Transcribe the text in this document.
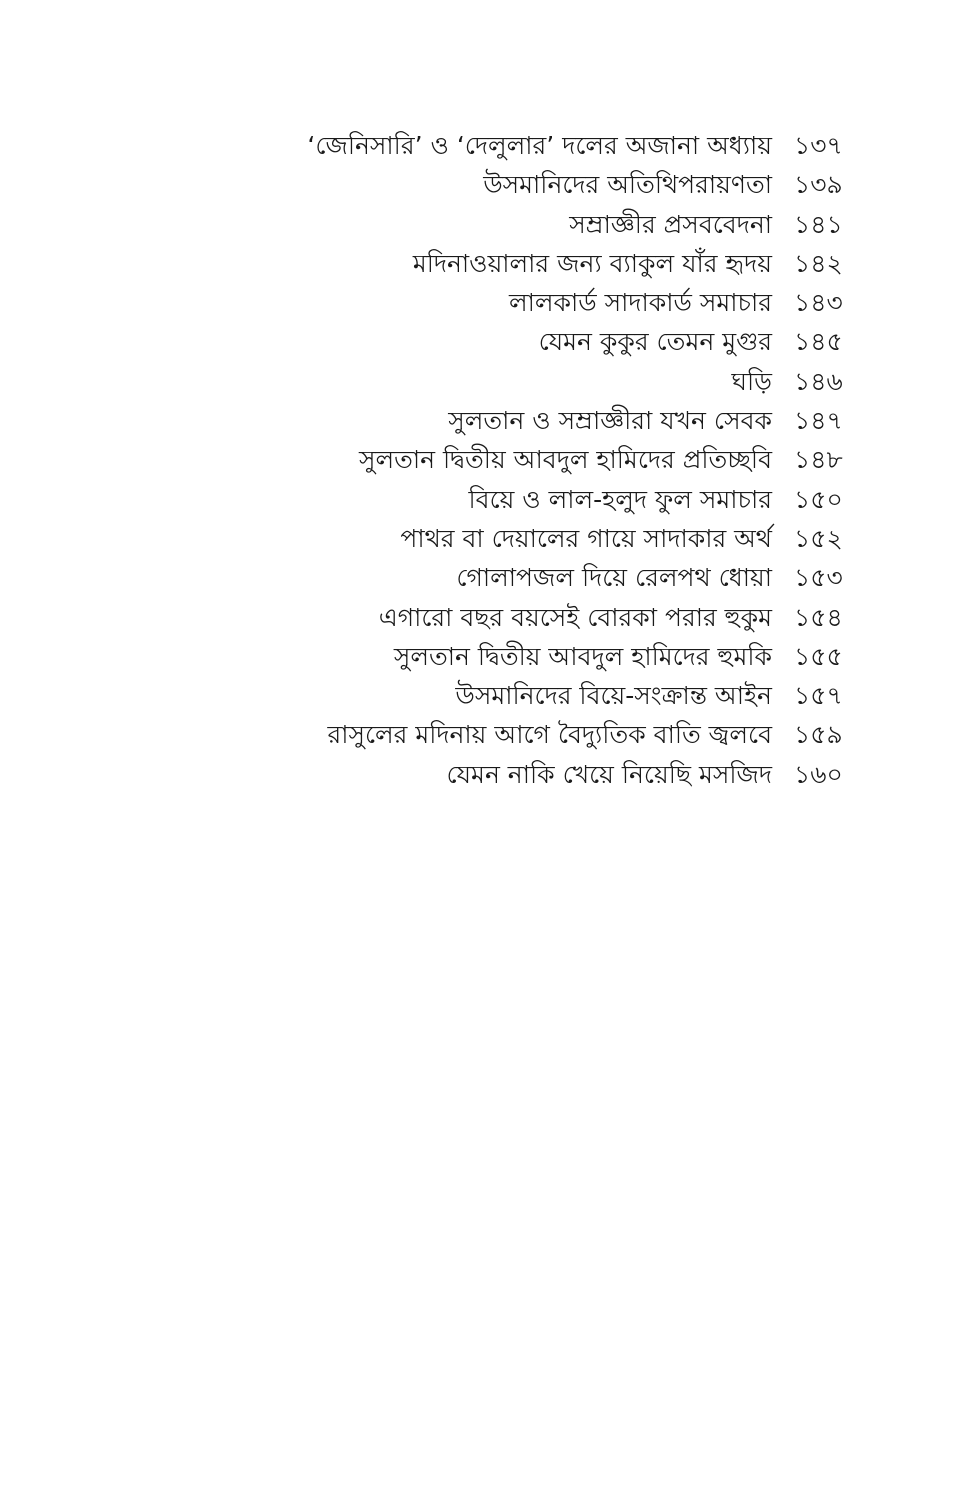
‘জেনিসারি’ ও ‘দেলুলার’ দলের অজানা অধ্যায় ১৩৭
উসমানিদের অতিথিপরায়ণতা ১৩৯
সম্রাজ্ঞীর প্রসববেদনা ১৪১
মদিনাওয়ালার জন্য ব্যাকুল যাঁর হৃদয় ১৪২
লালকার্ড সাদাকার্ড সমাচার ১৪৩
যেমন কুকুর তেমন মুগুর ১৪৫
ঘড়ি ১৪৬
সুলতান ও সম্রাজ্ঞীরা যখন সেবক ১৪৭
সুলতান দ্বিতীয় আবদুল হামিদের প্রতিচ্ছবি ১৪৮
বিয়ে ও লাল-হলুদ ফুল সমাচার ১৫০
পাথর বা দেয়ালের গায়ে সাদাকার অর্থ ১৫২
গোলাপজল দিয়ে রেলপথ ধোয়া ১৫৩
এগারো বছর বয়সেই বোরকা পরার হুকুম ১৫৪
সুলতান দ্বিতীয় আবদুল হামিদের হুমকি ১৫৫
উসমানিদের বিয়ে-সংক্রান্ত আইন ১৫৭
রাসুলের মদিনায় আগে বৈদ্যুতিক বাতি জ্বলবে ১৫৯
যেমন নাকি খেয়ে নিয়েছি মসজিদ ১৬০
